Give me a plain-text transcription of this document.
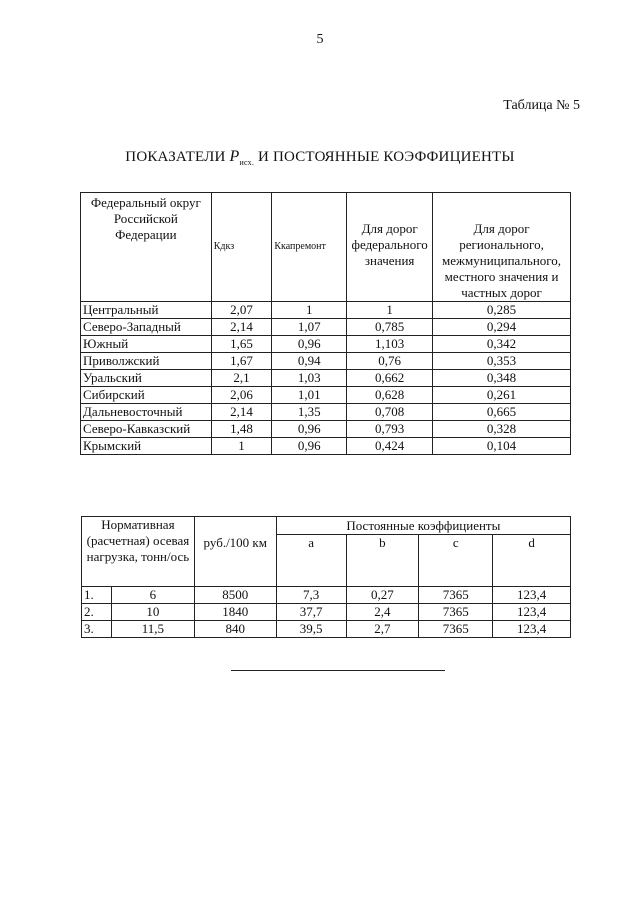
5
Таблица № 5
ПОКАЗАТЕЛИ $P_{исх.}$ И ПОСТОЯННЫЕ КОЭФФИЦИЕНТЫ
Федеральный округ Российской Федерации	Кдкз	Ккапремонт	Для дорог федерального значения	Для дорог регионального, межмуниципального, местного значения и частных дорог
Центральный	2,07	1	1	0,285
Северо-Западный	2,14	1,07	0,785	0,294
Южный	1,65	0,96	1,103	0,342
Приволжский	1,67	0,94	0,76	0,353
Уральский	2,1	1,03	0,662	0,348
Сибирский	2,06	1,01	0,628	0,261
Дальневосточный	2,14	1,35	0,708	0,665
Северо-Кавказский	1,48	0,96	0,793	0,328
Крымский	1	0,96	0,424	0,104
Нормативная (расчетная) осевая нагрузка, тонн/ось		руб./100 км	Постоянные коэффициенты			
			a	b	c	d
1.	6	8500	7,3	0,27	7365	123,4
2.	10	1840	37,7	2,4	7365	123,4
3.	11,5	840	39,5	2,7	7365	123,4
